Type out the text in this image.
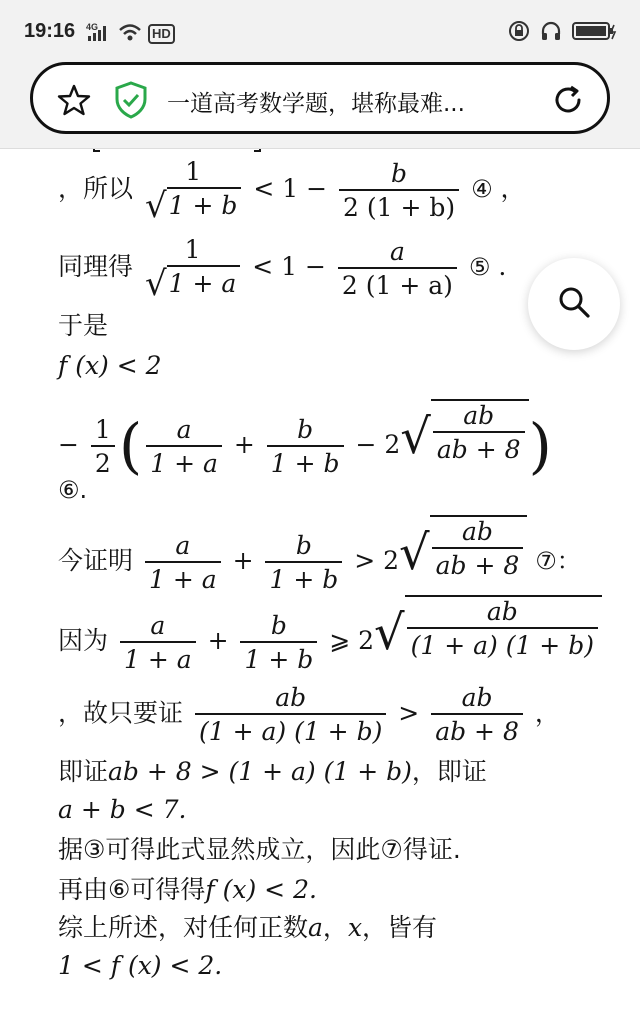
19:16 4G	HD
一道高考数学题，堪称最难...
，所以
1
√ 1 + b
< $1 - \frac{b}{2 (1 + b)}$ ④ ，
同理得
1
√ 1 + a
< $1 - \frac{a}{2 (1 + a)}$ ⑤ .
于是
f (x) < 2
− $\frac{1}{2}$ ( $\frac{a}{1 + a} + \frac{b}{1 + b} - 2$ √ $\frac{ab}{ab + 8}$ )
⑥.
今证明 $\frac{a}{1 + a} + \frac{b}{1 + b} > 2$ √ $\frac{ab}{ab + 8}$ ⑦：
因为 $\frac{a}{1 + a} + \frac{b}{1 + b}$ ⩾ 2 √ $\frac{ab}{(1 + a) (1 + b)}$
，故只要证 $\frac{ab}{(1 + a) (1 + b)} > \frac{ab}{ab + 8}$ ，
即证ab + 8 > (1 + a) (1 + b)，即证
a + b < 7.
据③可得此式显然成立，因此⑦得证.
再由⑥可得得f (x) < 2.
综上所述，对任何正数a，x，皆有
1 < f (x) < 2.
